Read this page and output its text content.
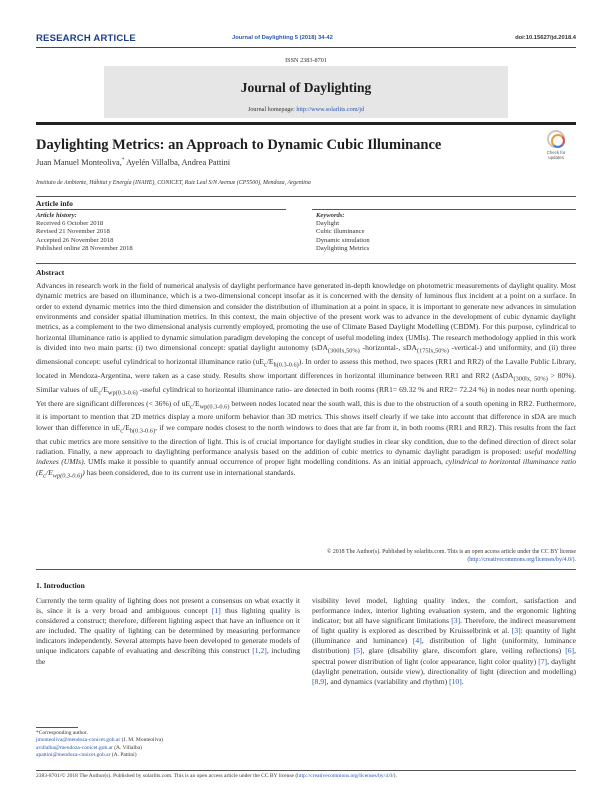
RESEARCH ARTICLE	Journal of Daylighting 5 (2018) 34-42	doi:10.15627/jd.2018.4
ISSN 2383-8701
Journal of Daylighting
Journal homepage: http://www.solarlits.com/jd
Daylighting Metrics: an Approach to Dynamic Cubic Illuminance	Check for
updates
Juan Manuel Monteoliva,* Ayelén Villalba, Andrea Pattini
Instituto de Ambiente, Hábitat y Energía (INAHE), CONICET, Ruiz Leal S/N Avenue (CP5500), Mendoza, Argentina
Article info
Article history:
Received 6 October 2018
Revised 21 November 2018
Accepted 26 November 2018
Published online 28 November 2018
Keywords:
Daylight
Cubic illuminance
Dynamic simulation
Daylighting Metrics
Abstract
Advances in research work in the field of numerical analysis of daylight performance have generated in-depth knowledge on photometric measurements of daylight quality. Most dynamic metrics are based on illuminance, which is a two-dimensional concept insofar as it is concerned with the density of luminous flux incident at a point on a surface. In order to extend dynamic metrics into the third dimension and consider the distribution of illumination at a point in space, it is important to generate new advances in simulation environments and consider spatial illumination metrics. In this context, the main objective of the present work was to advance in the development of cubic dynamic daylight metrics, as a complement to the two dimensional analysis currently employed, promoting the use of Climate Based Daylight Modelling (CBDM). For this purpose, cylindrical to horizontal illuminance ratio is applied to dynamic simulation paradigm developing the concept of useful modeling index (UMIs). The research methodology applied in this work is divided into two main parts: (i) two dimensional concept: spatial daylight autonomy (sDA$_{(300lx,50\%)}$ -horizontal-, sDA$_{(175lx,50\%)}$ -vertical-) and uniformity, and (ii) three dimensional concept: useful cylindrical to horizontal illuminance ratio $(uE_c/E_{h(0.3-0.6)})$. In order to assess this method, two spaces (RR1 and RR2) of the Lavalle Public Library, located in Mendoza-Argentina, were taken as a case study. Results show important differences in horizontal illuminance between RR1 and RR2 (ΔsDA$_{(300lx, 50\%)}$ > 80%). Similar values of $uE_c/E_{wp(0.3-0.6)}$ -useful cylindrical to horizontal illuminance ratio- are detected in both rooms (RR1= 69.32 % and RR2= 72.24 %) in nodes near north opening. Yet there are significant differences (< 36%) of $uE_c/E_{wp(0.3-0.6)}$ between nodes located near the south wall, this is due to the obstruction of a south opening in RR2. Furthermore, it is important to mention that 2D metrics display a more uniform behavior than 3D metrics. This shows itself clearly if we take into account that difference in sDA are much lower than difference in $uE_c/E_{h(0.3-0.6)}$, if we compare nodes closest to the north windows to does that are far from it, in both rooms (RR1 and RR2). This results from the fact that cubic metrics are more sensitive to the direction of light. This is of crucial importance for daylight studies in clear sky condition, due to the defined direction of direct solar radiation. Finally, a new approach to daylighting performance analysis based on the addition of cubic metrics to dynamic daylight paradigm is proposed: useful modelling indexes (UMIs). UMIs make it possible to quantify annual occurrence of proper light modelling conditions. As an initial approach, cylindrical to horizontal illuminance ratio $(E_c/E_{wp(0.3-0.6)})$ has been considered, due to its current use in international standards.
© 2018 The Author(s). Published by solarlits.com. This is an open access article under the CC BY license
(http://creativecommons.org/licenses/by/4.0/).
1. Introduction
Currently the term quality of lighting does not present a consensus on what exactly it is, since it is a very broad and ambiguous concept [1] thus lighting quality is considered a construct; therefore, different lighting aspect that have an influence on it are included. The quality of lighting can be determined by measuring performance indicators independently. Several attempts have been developed to generate models of unique indicators capable of evaluating and describing this construct [1,2], including the
visibility level model, lighting quality index, the comfort, satisfaction and performance index, interior lighting evaluation system, and the ergonomic lighting indicator; but all have significant limitations [3]. Therefore, the indirect measurement of light quality is explored as described by Kruisselbrink et al. [3]: quantity of light (illuminance and luminance) [4], distribution of light (uniformity, luminance distribution) [5], glare (disability glare, discomfort glare, veiling reflections) [6], spectral power distribution of light (color appearance, light color quality) [7], daylight (daylight penetration, outside view), directionality of light (direction and modelling) [8,9], and dynamics (variability and rhythm) [10].
*Corresponding author.
jmonteoliva@mendoza-conicet.gob.ar (J. M. Monteoliva)
avillalba@mendoza-conicet.gob.ar (A. Villalba)
apattini@mendoza-conicet.gob.ar (A. Pattini)
2383-8701/© 2018 The Author(s). Published by solarlits.com. This is an open access article under the CC BY license (http://creativecommons.org/licenses/by/4.0/).
